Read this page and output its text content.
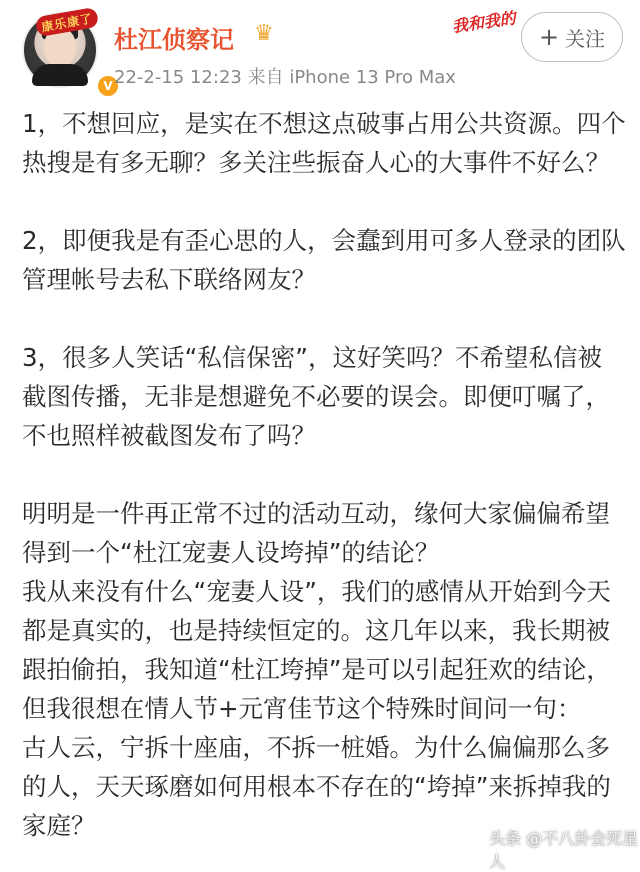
康乐康了
V
杜江侦察记 ♛
22-2-15 12:23 来自 iPhone 13 Pro Max
我和我的
+ 关注

1，不想回应，是实在不想这点破事占用公共资源。四个热搜是有多无聊？多关注些振奋人心的大事件不好么？

2，即便我是有歪心思的人，会蠢到用可多人登录的团队管理帐号去私下联络网友？

3，很多人笑话“私信保密”，这好笑吗？不希望私信被截图传播，无非是想避免不必要的误会。即便叮嘱了，不也照样被截图发布了吗？

明明是一件再正常不过的活动互动，缘何大家偏偏希望得到一个“杜江宠妻人设垮掉”的结论？

我从来没有什么“宠妻人设”，我们的感情从开始到今天都是真实的，也是持续恒定的。这几年以来，我长期被跟拍偷拍，我知道“杜江垮掉”是可以引起狂欢的结论，但我很想在情人节+元宵佳节这个特殊时间问一句：

古人云，宁拆十座庙，不拆一桩婚。为什么偏偏那么多的人，天天琢磨如何用根本不存在的“垮掉”来拆掉我的家庭？	头条 @不八卦会死星人
